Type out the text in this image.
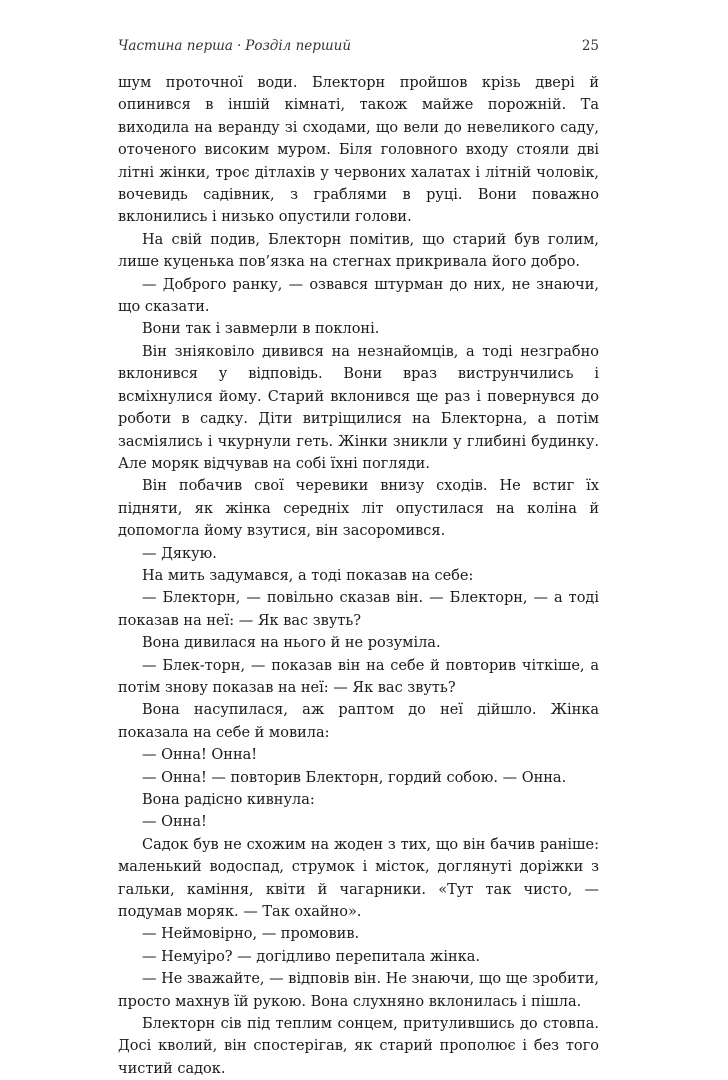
Частина перша · Розділ перший	25

шум проточної води. Блекторн пройшов крізь двері й опинився в іншій кімнаті, також майже порожній. Та виходила на веранду зі сходами, що вели до невеликого саду, оточеного високим муром. Біля головного входу стояли дві літні жінки, троє дітлахів у червоних халатах і літній чоловік, вочевидь садівник, з граблями в руці. Вони поважно вклонились і низько опустили голови.

На свій подив, Блекторн помітив, що старий був голим, лише куценька пов’язка на стегнах прикривала його добро.

— Доброго ранку, — озвався штурман до них, не знаючи, що сказати.

Вони так і завмерли в поклоні.

Він зніяковіло дивився на незнайомців, а тоді незграбно вклонився у відповідь. Вони враз виструнчились і всміхнулися йому. Старий вклонився ще раз і повернувся до роботи в садку. Діти витріщилися на Блекторна, а потім засміялись і чкурнули геть. Жінки зникли у глибині будинку. Але моряк відчував на собі їхні погляди.

Він побачив свої черевики внизу сходів. Не встиг їх підняти, як жінка середніх літ опустилася на коліна й допомогла йому взутися, він засоромився.

— Дякую.

На мить задумався, а тоді показав на себе:

— Блекторн, — повільно сказав він. — Блекторн, — а тоді показав на неї: — Як вас звуть?

Вона дивилася на нього й не розуміла.

— Блек-торн, — показав він на себе й повторив чіткіше, а потім знову показав на неї: — Як вас звуть?

Вона насупилася, аж раптом до неї дійшло. Жінка показала на себе й мовила:

— Онна! Онна!

— Онна! — повторив Блекторн, гордий собою. — Онна.

Вона радісно кивнула:

— Онна!

Садок був не схожим на жоден з тих, що він бачив раніше: маленький водоспад, струмок і місток, доглянуті доріжки з гальки, каміння, квіти й чагарники. «Тут так чисто, — подумав моряк. — Так охайно».

— Неймовірно, — промовив.

— Немуіро? — догідливо перепитала жінка.

— Не зважайте, — відповів він. Не знаючи, що ще зробити, просто махнув їй рукою. Вона слухняно вклонилась і пішла.

Блекторн сів під теплим сонцем, притулившись до стовпа. Досі кволий, він спостерігав, як старий прополює і без того чистий садок.
